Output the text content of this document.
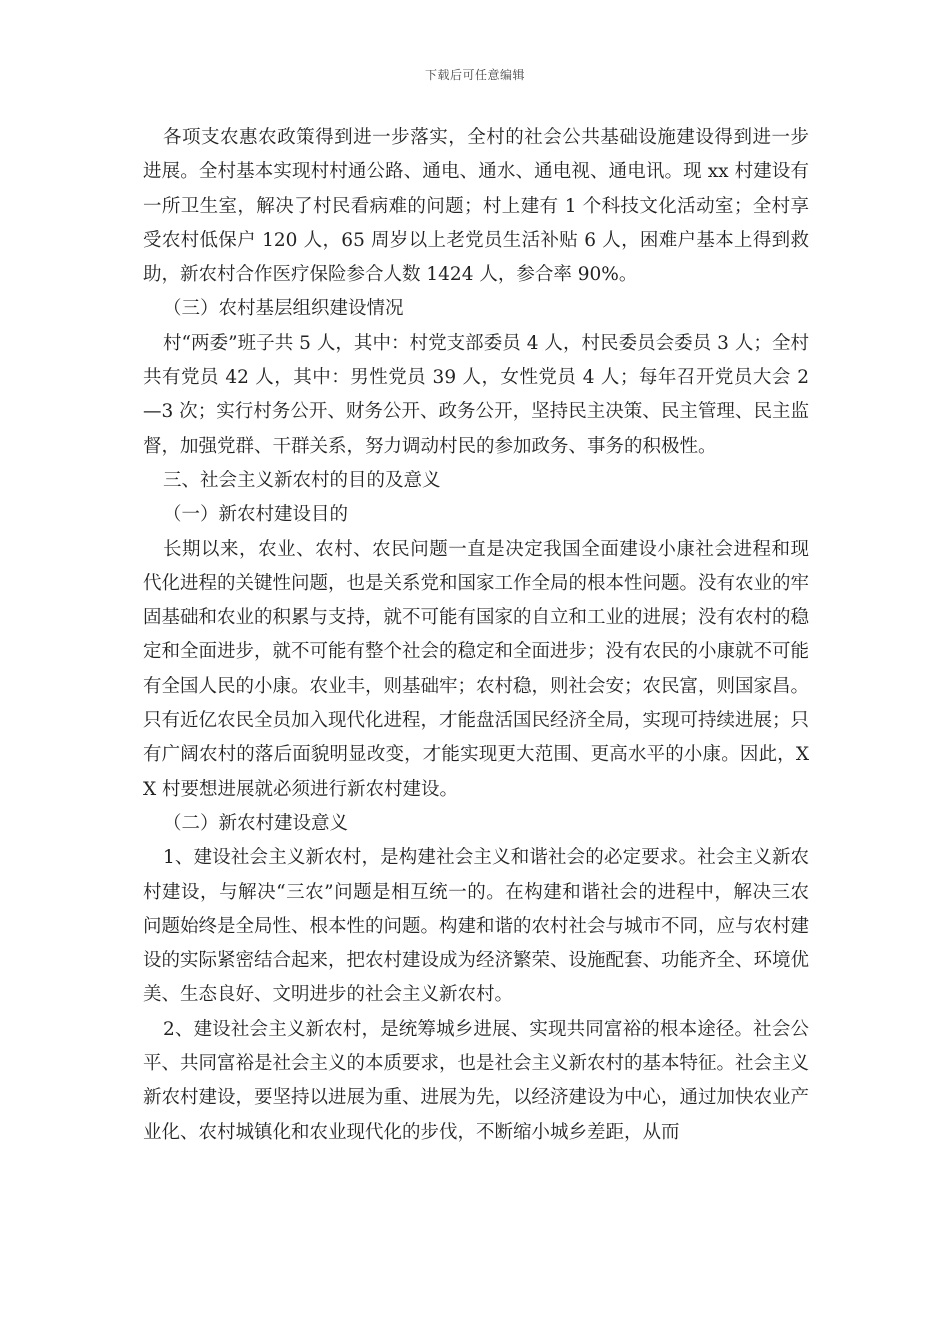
下载后可任意编辑

各项支农惠农政策得到进一步落实，全村的社会公共基础设施建设得到进一步进展。全村基本实现村村通公路、通电、通水、通电视、通电讯。现 xx 村建设有一所卫生室，解决了村民看病难的问题；村上建有 1 个科技文化活动室；全村享受农村低保户 120 人，65 周岁以上老党员生活补贴 6 人，困难户基本上得到救助，新农村合作医疗保险参合人数 1424 人，参合率 90%。

（三）农村基层组织建设情况

村“两委”班子共 5 人，其中：村党支部委员 4 人，村民委员会委员 3 人；全村共有党员 42 人，其中：男性党员 39 人，女性党员 4 人；每年召开党员大会 2—3 次；实行村务公开、财务公开、政务公开，坚持民主决策、民主管理、民主监督，加强党群、干群关系，努力调动村民的参加政务、事务的积极性。

三、社会主义新农村的目的及意义

（一）新农村建设目的

长期以来，农业、农村、农民问题一直是决定我国全面建设小康社会进程和现代化进程的关键性问题，也是关系党和国家工作全局的根本性问题。没有农业的牢固基础和农业的积累与支持，就不可能有国家的自立和工业的进展；没有农村的稳定和全面进步，就不可能有整个社会的稳定和全面进步；没有农民的小康就不可能有全国人民的小康。农业丰，则基础牢；农村稳，则社会安；农民富，则国家昌。只有近亿农民全员加入现代化进程，才能盘活国民经济全局，实现可持续进展；只有广阔农村的落后面貌明显改变，才能实现更大范围、更高水平的小康。因此，XX 村要想进展就必须进行新农村建设。

（二）新农村建设意义

1、建设社会主义新农村，是构建社会主义和谐社会的必定要求。社会主义新农村建设，与解决“三农”问题是相互统一的。在构建和谐社会的进程中，解决三农问题始终是全局性、根本性的问题。构建和谐的农村社会与城市不同，应与农村建设的实际紧密结合起来，把农村建设成为经济繁荣、设施配套、功能齐全、环境优美、生态良好、文明进步的社会主义新农村。

2、建设社会主义新农村，是统筹城乡进展、实现共同富裕的根本途径。社会公平、共同富裕是社会主义的本质要求，也是社会主义新农村的基本特征。社会主义新农村建设，要坚持以进展为重、进展为先，以经济建设为中心，通过加快农业产业化、农村城镇化和农业现代化的步伐，不断缩小城乡差距，从而
